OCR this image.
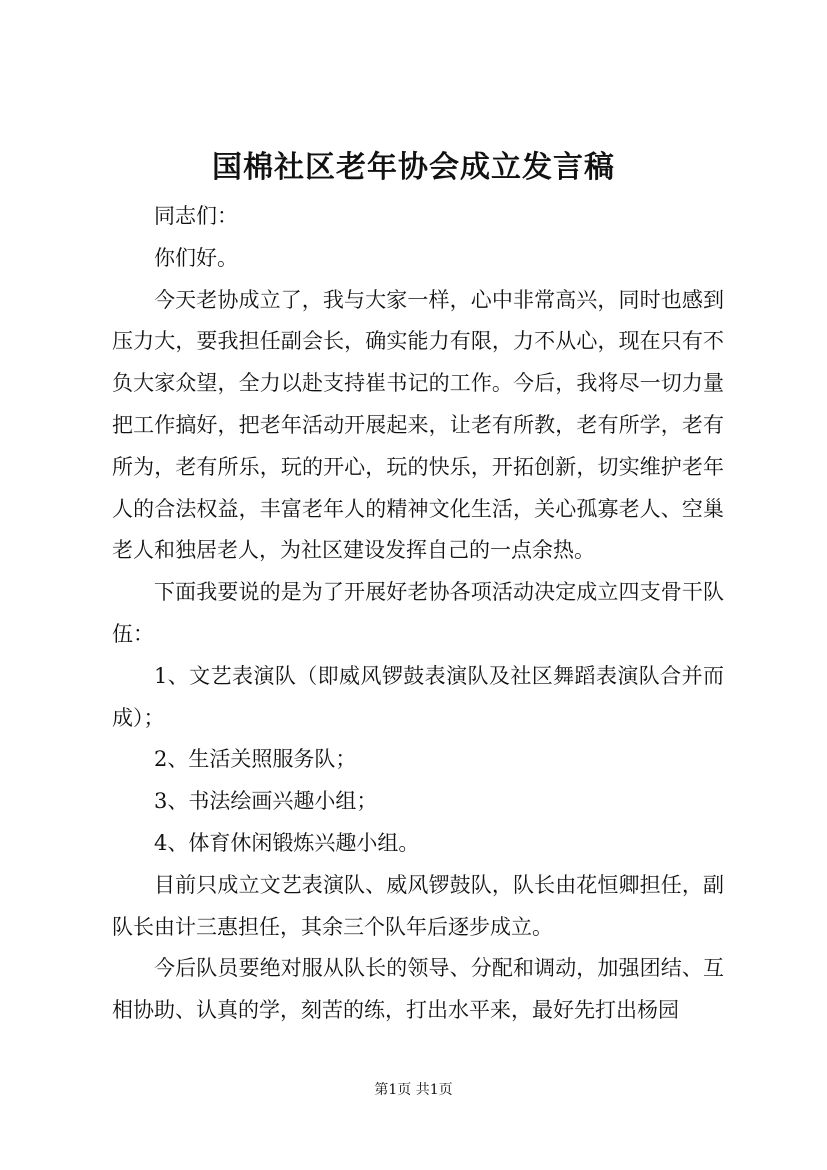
国棉社区老年协会成立发言稿

同志们：

你们好。

今天老协成立了，我与大家一样，心中非常高兴，同时也感到压力大，要我担任副会长，确实能力有限，力不从心，现在只有不负大家众望，全力以赴支持崔书记的工作。今后，我将尽一切力量把工作搞好，把老年活动开展起来，让老有所教，老有所学，老有所为，老有所乐，玩的开心，玩的快乐，开拓创新，切实维护老年人的合法权益，丰富老年人的精神文化生活，关心孤寡老人、空巢老人和独居老人，为社区建设发挥自己的一点余热。

下面我要说的是为了开展好老协各项活动决定成立四支骨干队伍：

1、文艺表演队（即威风锣鼓表演队及社区舞蹈表演队合并而成）；

2、生活关照服务队；

3、书法绘画兴趣小组；

4、体育休闲锻炼兴趣小组。

目前只成立文艺表演队、威风锣鼓队，队长由花恒卿担任，副队长由计三惠担任，其余三个队年后逐步成立。

今后队员要绝对服从队长的领导、分配和调动，加强团结、互相协助、认真的学，刻苦的练，打出水平来，最好先打出杨园

第1页 共1页
